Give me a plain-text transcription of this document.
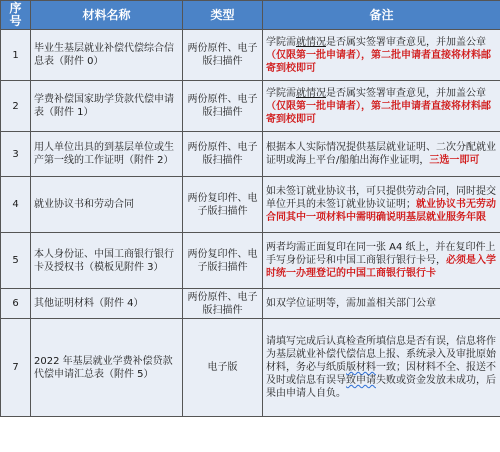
序号	材料名称	类型	备注
1	毕业生基层就业补偿代偿综合信息表（附件 0）	两份原件、电子版扫描件	学院需就情况是否属实签署审查意见，并加盖公章（仅限第一批申请者），第二批申请者直接将材料邮寄到校即可
2	学费补偿国家助学贷款代偿申请表（附件 1）	两份原件、电子版扫描件	学院需就情况是否属实签署审查意见，并加盖公章（仅限第一批申请者），第二批申请者直接将材料邮寄到校即可
3	用人单位出具的到基层单位或生产第一线的工作证明（附件 2）	两份原件、电子版扫描件	根据本人实际情况提供基层就业证明、二次分配就业证明或海上平台/船舶出海作业证明，三选一即可
4	就业协议书和劳动合同	两份复印件、电子版扫描件	如未签订就业协议书，可只提供劳动合同，同时提交单位开具的未签订就业协议证明；就业协议书无劳动合同其中一项材料中需明确说明基层就业服务年限
5	本人身份证、中国工商银行银行卡及授权书（模板见附件 3）	两份复印件、电子版扫描件	两者均需正面复印在同一张 A4 纸上，并在复印件上手写身份证号和中国工商银行银行卡号，必须是入学时统一办理登记的中国工商银行银行卡
6	其他证明材料（附件 4）	两份原件、电子版扫描件	如双学位证明等，需加盖相关部门公章
7	2022 年基层就业学费补偿贷款代偿申请汇总表（附件 5）	电子版	请填写完成后认真检查所填信息是否有误，信息将作为基层就业补偿代偿信息上报、系统录入及审批原始材料，务必与纸质版材料一致；因材料不全、报送不及时或信息有误导致申请失败或资金发放未成功，后果由申请人自负。
